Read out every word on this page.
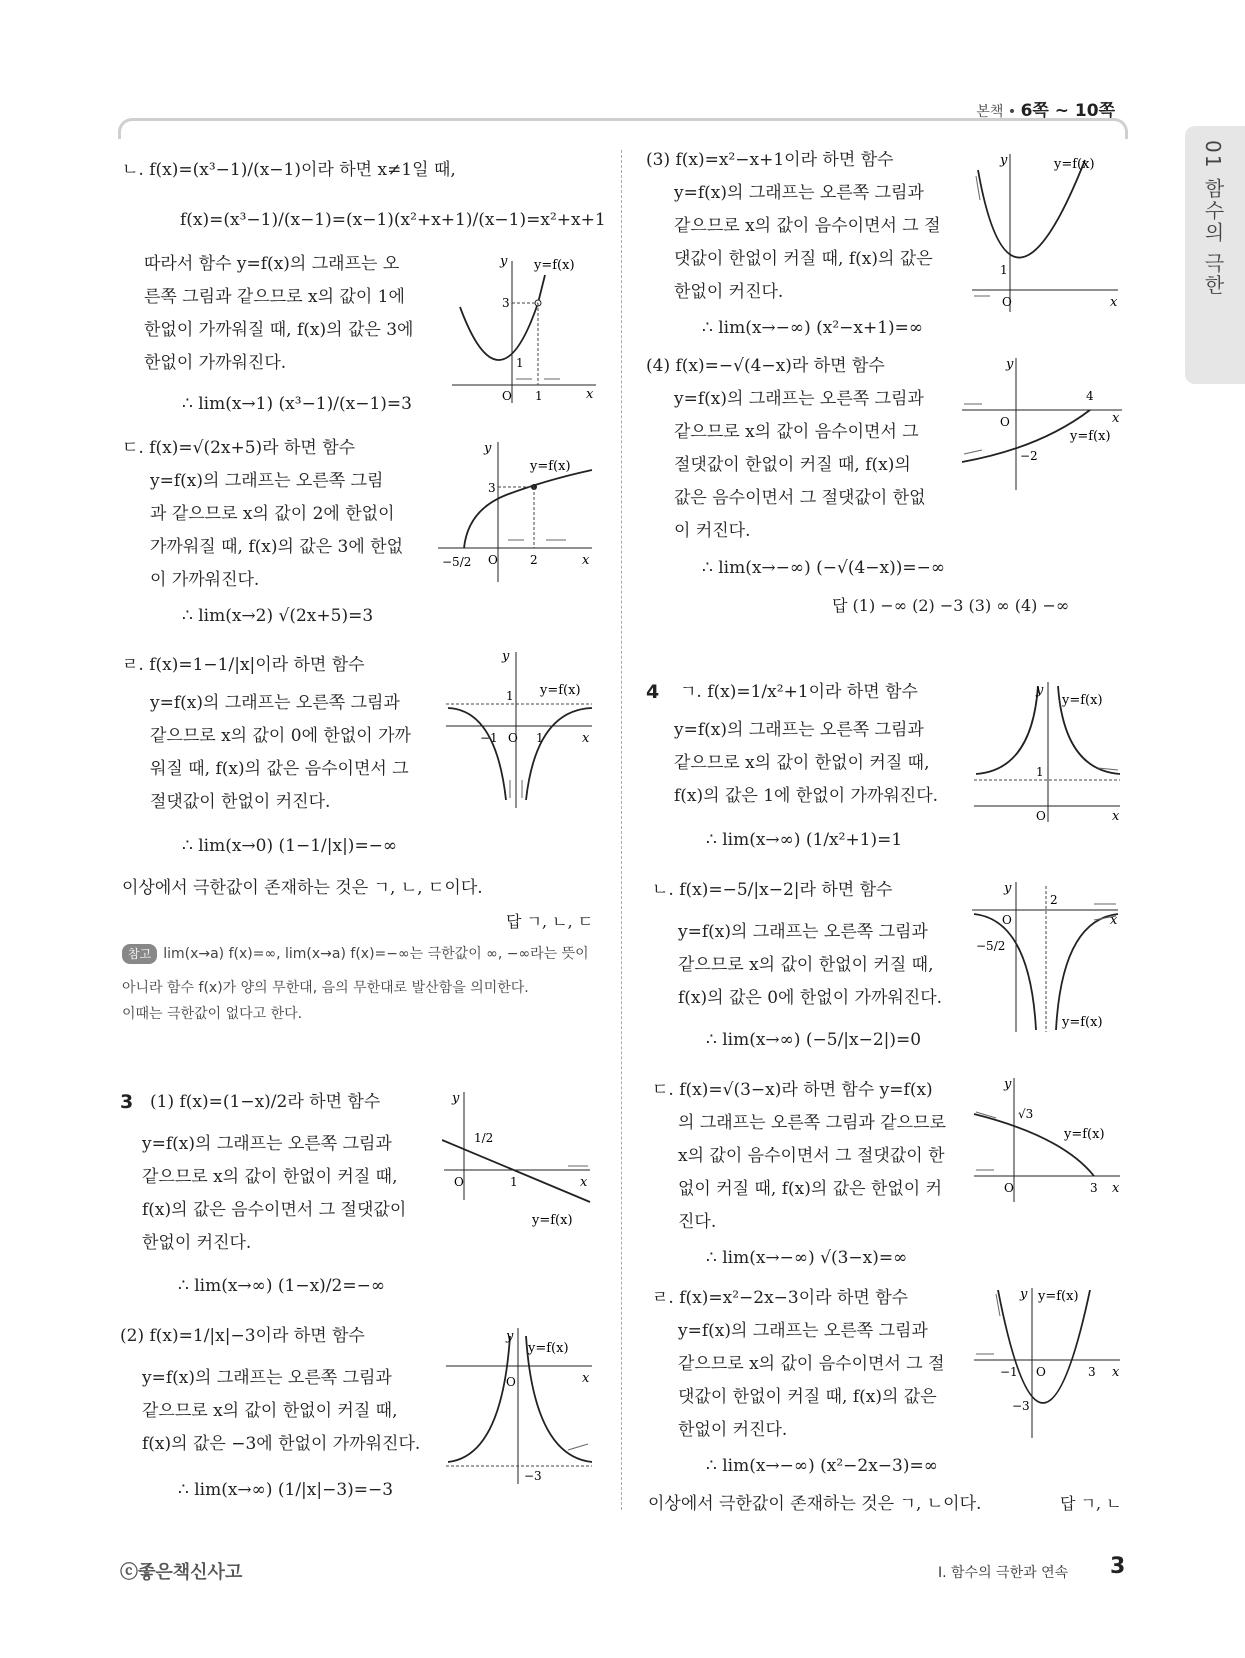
본책 • 6쪽 ~ 10쪽
01 함수의 극한
ㄴ. f(x)=(x³−1)/(x−1)이라 하면 x≠1일 때,
f(x)=(x³−1)/(x−1)=(x−1)(x²+x+1)/(x−1)=x²+x+1
따라서 함수 y=f(x)의 그래프는 오
른쪽 그림과 같으므로 x의 값이 1에
한없이 가까워질 때, f(x)의 값은 3에
한없이 가까워진다.
∴ lim(x→1) (x³−1)/(x−1)=3
ㄷ. f(x)=√(2x+5)라 하면 함수
y=f(x)의 그래프는 오른쪽 그림
과 같으므로 x의 값이 2에 한없이
가까워질 때, f(x)의 값은 3에 한없
이 가까워진다.
∴ lim(x→2) √(2x+5)=3
ㄹ. f(x)=1−1/|x|이라 하면 함수
y=f(x)의 그래프는 오른쪽 그림과
같으므로 x의 값이 0에 한없이 가까
워질 때, f(x)의 값은 음수이면서 그
절댓값이 한없이 커진다.
∴ lim(x→0) (1−1/|x|)=−∞
이상에서 극한값이 존재하는 것은 ㄱ, ㄴ, ㄷ이다.
답 ㄱ, ㄴ, ㄷ
참고 lim(x→a) f(x)=∞, lim(x→a) f(x)=−∞는 극한값이 ∞, −∞라는 뜻이
아니라 함수 f(x)가 양의 무한대, 음의 무한대로 발산함을 의미한다.
이때는 극한값이 없다고 한다.
3 (1) f(x)=(1−x)/2라 하면 함수
y=f(x)의 그래프는 오른쪽 그림과
같으므로 x의 값이 한없이 커질 때,
f(x)의 값은 음수이면서 그 절댓값이
한없이 커진다.
∴ lim(x→∞) (1−x)/2=−∞
(2) f(x)=1/|x|−3이라 하면 함수
y=f(x)의 그래프는 오른쪽 그림과
같으므로 x의 값이 한없이 커질 때,
f(x)의 값은 −3에 한없이 가까워진다.
∴ lim(x→∞) (1/|x|−3)=−3
(3) f(x)=x²−x+1이라 하면 함수
y=f(x)의 그래프는 오른쪽 그림과
같으므로 x의 값이 음수이면서 그 절
댓값이 한없이 커질 때, f(x)의 값은
한없이 커진다.
∴ lim(x→−∞) (x²−x+1)=∞
(4) f(x)=−√(4−x)라 하면 함수
y=f(x)의 그래프는 오른쪽 그림과
같으므로 x의 값이 음수이면서 그
절댓값이 한없이 커질 때, f(x)의
값은 음수이면서 그 절댓값이 한없
이 커진다.
∴ lim(x→−∞) (−√(4−x))=−∞
답 (1) −∞ (2) −3 (3) ∞ (4) −∞
4 ㄱ. f(x)=1/x²+1이라 하면 함수
y=f(x)의 그래프는 오른쪽 그림과
같으므로 x의 값이 한없이 커질 때,
f(x)의 값은 1에 한없이 가까워진다.
∴ lim(x→∞) (1/x²+1)=1
ㄴ. f(x)=−5/|x−2|라 하면 함수
y=f(x)의 그래프는 오른쪽 그림과
같으므로 x의 값이 한없이 커질 때,
f(x)의 값은 0에 한없이 가까워진다.
∴ lim(x→∞) (−5/|x−2|)=0
ㄷ. f(x)=√(3−x)라 하면 함수 y=f(x)
의 그래프는 오른쪽 그림과 같으므로
x의 값이 음수이면서 그 절댓값이 한
없이 커질 때, f(x)의 값은 한없이 커
진다.
∴ lim(x→−∞) √(3−x)=∞
ㄹ. f(x)=x²−2x−3이라 하면 함수
y=f(x)의 그래프는 오른쪽 그림과
같으므로 x의 값이 음수이면서 그 절
댓값이 한없이 커질 때, f(x)의 값은
한없이 커진다.
∴ lim(x→−∞) (x²−2x−3)=∞
이상에서 극한값이 존재하는 것은 ㄱ, ㄴ이다.	답 ㄱ, ㄴ
y y=f(x)
3
1
O 1	x
y
y=f(x)
3
−5/2 O	2	x
y
y=f(x)
1
−1 O 1	x
y
1/2
O	1	x
y=f(x)
y
y=f(x)
O
−3
x
y	y=f(x)
1
O	x
y
4
O	x
y=f(x)
−2
y
y=f(x)
1
O	x
y
2
O	x
−5/2
y=f(x)
y
√3
y=f(x)
O	3 x
y y=f(x)
−1 O	3 x
−3
ⓒ좋은책신사고	I. 함수의 극한과 연속 3
